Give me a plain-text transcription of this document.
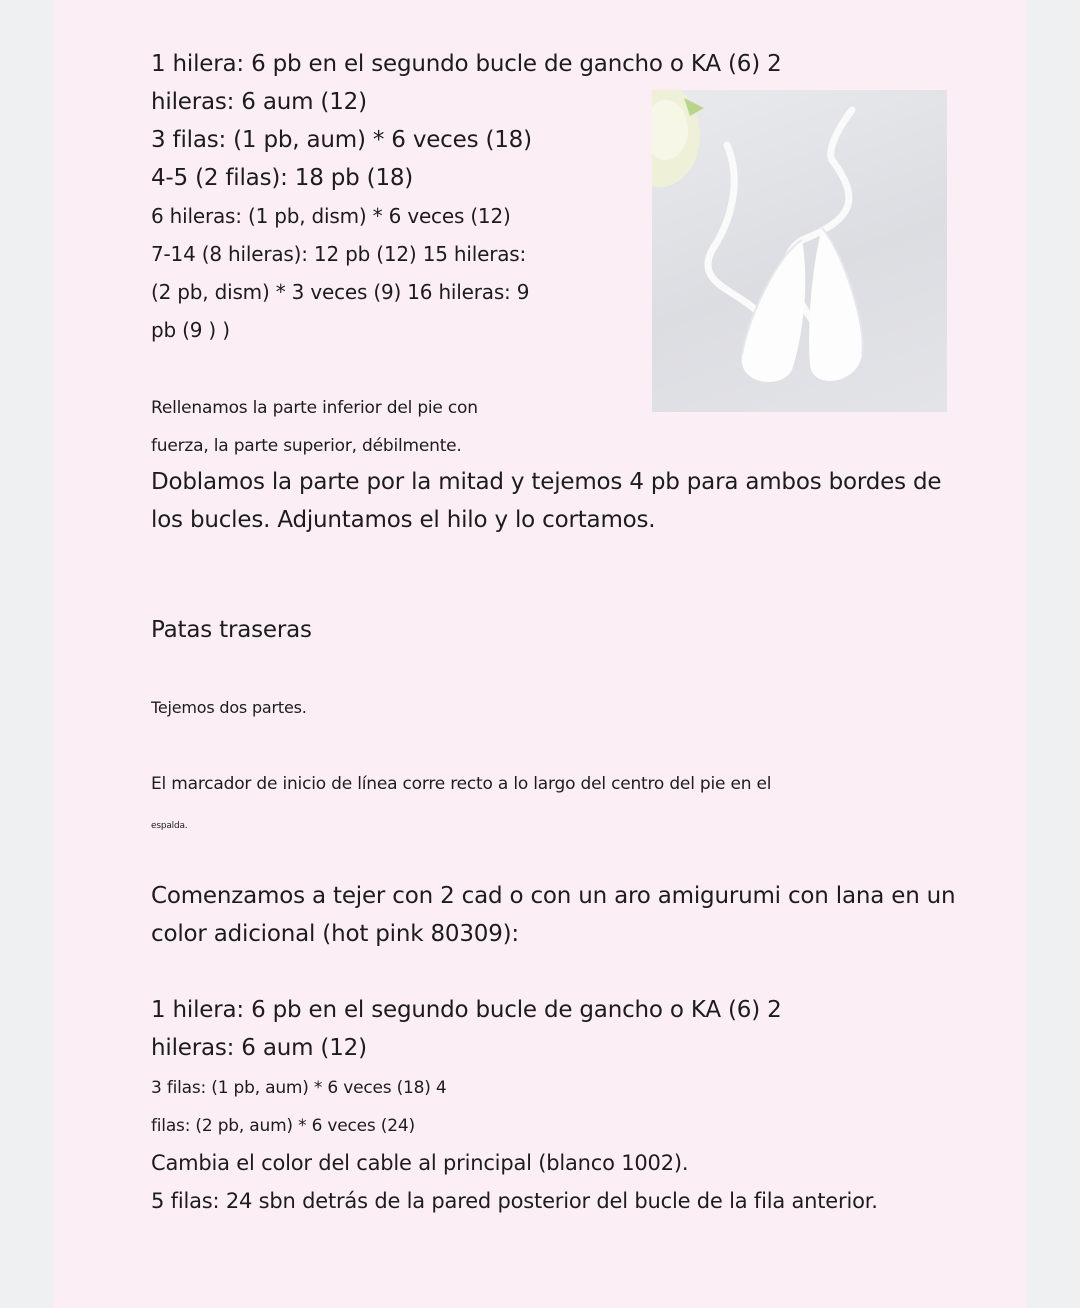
1 hilera: 6 pb en el segundo bucle de gancho o KA (6) 2

hileras: 6 aum (12)

3 filas: (1 pb, aum) * 6 veces (18)

4-5 (2 filas): 18 pb (18)

6 hileras: (1 pb, dism) * 6 veces (12)

7-14 (8 hileras): 12 pb (12) 15 hileras:

(2 pb, dism) * 3 veces (9) 16 hileras: 9

pb (9 ) )

Rellenamos la parte inferior del pie con

fuerza, la parte superior, débilmente.

Doblamos la parte por la mitad y tejemos 4 pb para ambos bordes de

los bucles. Adjuntamos el hilo y lo cortamos.

Patas traseras

Tejemos dos partes.

El marcador de inicio de línea corre recto a lo largo del centro del pie en el

espalda.

Comenzamos a tejer con 2 cad o con un aro amigurumi con lana en un

color adicional (hot pink 80309):

1 hilera: 6 pb en el segundo bucle de gancho o KA (6) 2

hileras: 6 aum (12)

3 filas: (1 pb, aum) * 6 veces (18) 4

filas: (2 pb, aum) * 6 veces (24)

Cambia el color del cable al principal (blanco 1002).

5 filas: 24 sbn detrás de la pared posterior del bucle de la fila anterior.
